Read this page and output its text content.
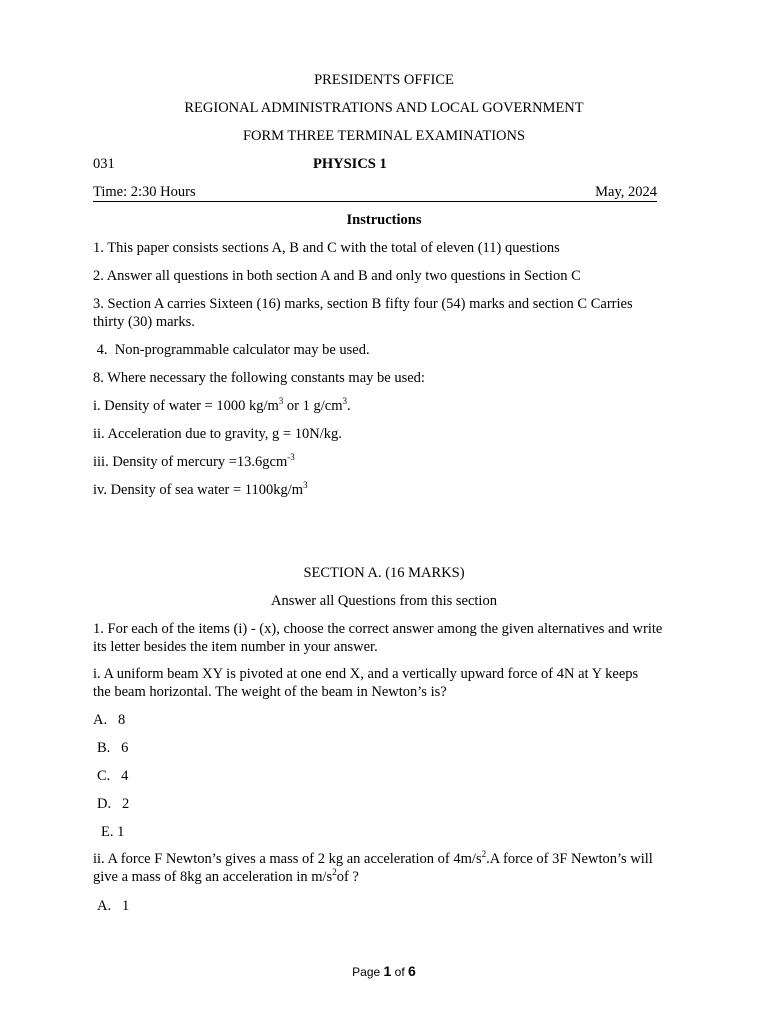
PRESIDENTS OFFICE
REGIONAL ADMINISTRATIONS AND LOCAL GOVERNMENT
FORM THREE TERMINAL EXAMINATIONS
031	PHYSICS 1
Time: 2:30 Hours	May, 2024
Instructions
1. This paper consists sections A, B and C with the total of eleven (11) questions
2. Answer all questions in both section A and B and only two questions in Section C
3. Section A carries Sixteen (16) marks, section B fifty four (54) marks and section C Carries thirty (30) marks.
4.  Non-programmable calculator may be used.
8. Where necessary the following constants may be used:
i. Density of water = 1000 $kg/m^3$ or 1 $g/cm^3$.
ii. Acceleration due to gravity, g = 10N/kg.
iii. Density of mercury =13.6gcm$^{-3}$
iv. Density of sea water = $1100kg/m^3$
SECTION A. (16 MARKS)
Answer all Questions from this section
1. For each of the items (i) - (x), choose the correct answer among the given alternatives and write its letter besides the item number in your answer.
i. A uniform beam XY is pivoted at one end X, and a vertically upward force of 4N at Y keeps the beam horizontal. The weight of the beam in Newton’s is?
A.   8
B.   6
C.   4
D.   2
E. 1
ii. A force F Newton’s gives a mass of 2 kg an acceleration of $4m/s^2.A$ force of 3F Newton’s will give a mass of 8kg an acceleration in $m/s^2of$ ?
A.   1
Page 1 of 6
